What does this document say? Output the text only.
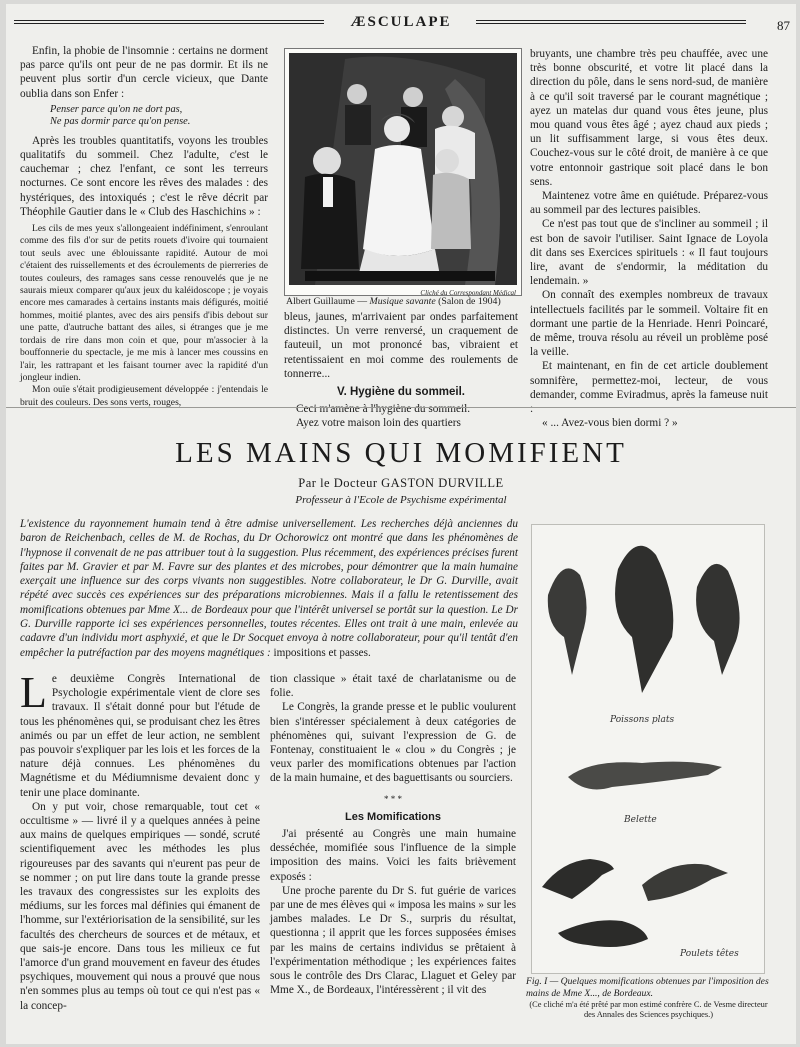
ÆSCULAPE	87

Enfin, la phobie de l'insomnie : certains ne dorment pas parce qu'ils ont peur de ne pas dormir. Et ils ne peuvent plus sortir d'un cercle vicieux, que Dante oublia dans son Enfer :

Penser parce qu'on ne dort pas,
Ne pas dormir parce qu'on pense.

Après les troubles quantitatifs, voyons les troubles qualitatifs du sommeil. Chez l'adulte, c'est le cauchemar ; chez l'enfant, ce sont les terreurs nocturnes. Ce sont encore les rêves des malades : des hystériques, des intoxiqués ; c'est le rêve décrit par Théophile Gautier dans le « Club des Haschichins » :

Les cils de mes yeux s'allongeaient indéfiniment, s'enroulant comme des fils d'or sur de petits rouets d'ivoire qui tournaient tout seuls avec une éblouissante rapidité. Autour de moi c'étaient des ruissellements et des écroulements de pierreries de toutes couleurs, des ramages sans cesse renouvelés que je ne saurais mieux comparer qu'aux jeux du kaléidoscope ; je voyais encore mes camarades à certains instants mais défigurés, moitié hommes, moitié plantes, avec des airs pensifs d'ibis debout sur une patte, d'autruche battant des ailes, si étranges que je me tordais de rire dans mon coin et que, pour m'associer à la bouffonnerie du spectacle, je me mis à lancer mes coussins en l'air, les rattrapant et les faisant tourner avec la rapidité d'un jongleur indien.

Mon ouïe s'était prodigieusement développée : j'entendais le bruit des couleurs. Des sons verts, rouges,

Cliché du Correspondant Médical
Albert Guillaume — Musique savante (Salon de 1904)

bleus, jaunes, m'arrivaient par ondes parfaitement distinctes. Un verre renversé, un craquement de fauteuil, un mot prononcé bas, vibraient et retentissaient en moi comme des roulements de tonnerre...

V. Hygiène du sommeil.

Ceci m'amène à l'hygiène du sommeil.

Ayez votre maison loin des quartiers

bruyants, une chambre très peu chauffée, avec une très bonne obscurité, et votre lit placé dans la direction du pôle, dans le sens nord-sud, de manière à ce qu'il soit traversé par le courant magnétique ; ayez un matelas dur quand vous êtes jeune, plus mou quand vous êtes âgé ; ayez chaud aux pieds ; un lit suffisamment large, si vous êtes deux. Couchez-vous sur le côté droit, de manière à ce que votre entonnoir gastrique soit placé dans le bon sens.

Maintenez votre âme en quiétude. Préparez-vous au sommeil par des lectures paisibles.

Ce n'est pas tout que de s'incliner au sommeil ; il est bon de savoir l'utiliser. Saint Ignace de Loyola dit dans ses Exercices spirituels : « Il faut toujours lire, avant de s'endormir, la méditation du lendemain. »

On connaît des exemples nombreux de travaux intellectuels facilités par le sommeil. Voltaire fit en dormant une partie de la Henriade. Henri Poincaré, de même, trouva résolu au réveil un problème posé la veille.

Et maintenant, en fin de cet article doublement somnifère, permettez-moi, lecteur, de vous demander, comme Eviradmus, après la fameuse nuit :

« ... Avez-vous bien dormi ? »

LES MAINS QUI MOMIFIENT
Par le Docteur GASTON DURVILLE
Professeur à l'Ecole de Psychisme expérimental
L'existence du rayonnement humain tend à être admise universellement. Les recherches déjà anciennes du baron de Reichenbach, celles de M. de Rochas, du Dr Ochorowicz ont montré que dans les phénomènes de l'hypnose il convenait de ne pas attribuer tout à la suggestion. Plus récemment, des expériences précises furent faites par M. Gravier et par M. Favre sur des plantes et des microbes, pour démontrer que la main humaine exerçait une influence sur des corps vivants non suggestibles. Notre collaborateur, le Dr G. Durville, avait répété avec succès ces expériences sur des préparations microbiennes. Mais il a fallu le retentissement des momifications obtenues par Mme X... de Bordeaux pour que l'intérêt universel se portât sur la question. Le Dr G. Durville rapporte ici ses expériences personnelles, toutes récentes. Elles ont trait à une main, enlevée au cadavre d'un individu mort asphyxié, et que le Dr Socquet envoya à notre collaborateur, pour qu'il tentât d'en empêcher la putréfaction par des moyens magnétiques : impositions et passes.

Le deuxième Congrès International de Psychologie expérimentale vient de clore ses travaux. Il s'était donné pour but l'étude de tous les phénomènes qui, se produisant chez les êtres animés ou par un effet de leur action, ne semblent pas pouvoir s'expliquer par les lois et les forces de la nature déjà connues. Les phénomènes du Magnétisme et du Médiumnisme devaient donc y tenir une place dominante.

On y put voir, chose remarquable, tout cet « occultisme » — livré il y a quelques années à peine aux mains de quelques empiriques — sondé, scruté scientifiquement avec les méthodes les plus rigoureuses par des savants qui n'eurent pas peur de se nommer ; on put lire dans toute la grande presse les travaux des congressistes sur les exploits des médiums, sur les forces mal définies qui émanent de l'homme, sur l'extériorisation de la sensibilité, sur les facultés des chercheurs de sources et de métaux, et que sais-je encore. Dans tous les milieux ce fut l'amorce d'un grand mouvement en faveur des études psychiques, mouvement qui nous a prouvé que nous n'en sommes plus au temps où tout ce qui n'est pas « la concep-

tion classique » était taxé de charlatanisme ou de folie.

Le Congrès, la grande presse et le public voulurent bien s'intéresser spécialement à deux catégories de phénomènes qui, suivant l'expression de G. de Fontenay, constituaient le « clou » du Congrès ; je veux parler des momifications obtenues par l'action de la main humaine, et des baguettisants ou sourciers.

* * *
Les Momifications

J'ai présenté au Congrès une main humaine desséchée, momifiée sous l'influence de la simple imposition des mains. Voici les faits brièvement exposés :

Une proche parente du Dr S. fut guérie de varices par une de mes élèves qui « imposa les mains » sur les jambes malades. Le Dr S., surpris du résultat, questionna ; il apprit que les forces supposées émises par les mains de certains individus se prêtaient à l'expérimentation méthodique ; les expériences faites sous le contrôle des Drs Clarac, Llaguet et Geley par Mme X., de Bordeaux, l'intéressèrent ; il vit des

Poissons plats
Belette
Poulets têtes
Fig. I — Quelques momifications obtenues par l'imposition des mains de Mme X..., de Bordeaux.
(Ce cliché m'a été prêté par mon estimé confrère C. de Vesme directeur des Annales des Sciences psychiques.)
